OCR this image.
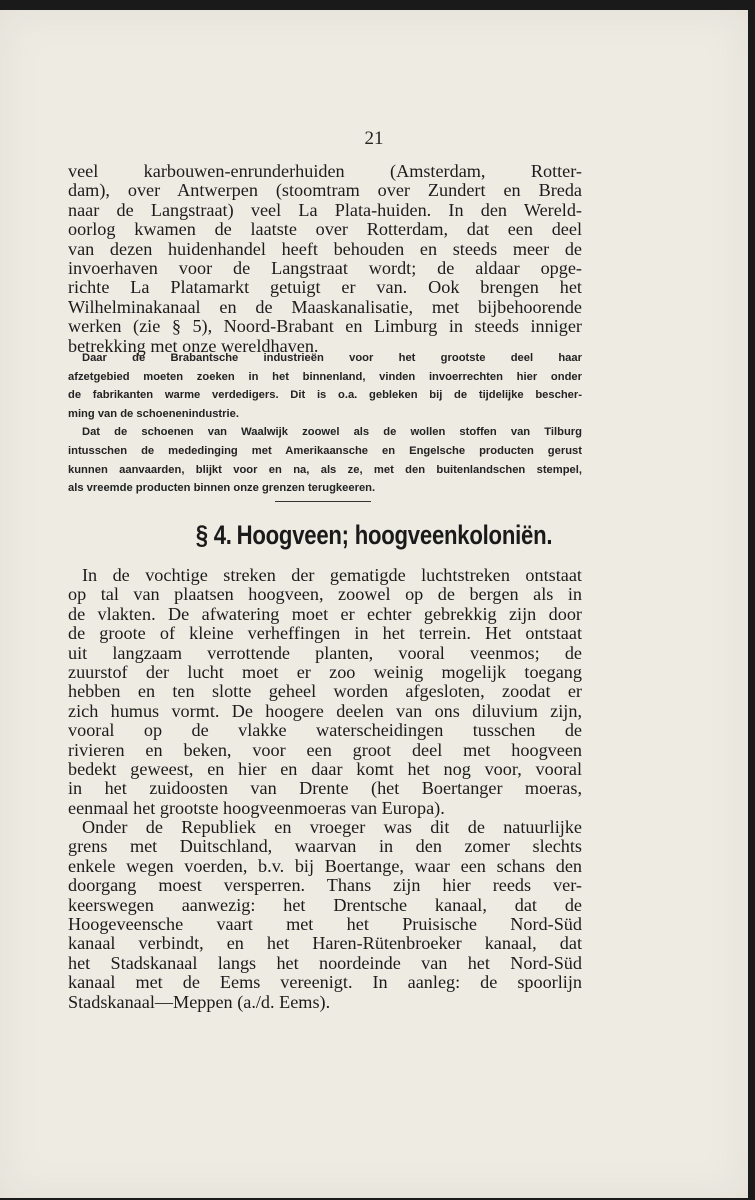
21
veel karbouwen-enrunderhuiden (Amsterdam, Rotter-
dam), over Antwerpen (stoomtram over Zundert en Breda
naar de Langstraat) veel La Plata-huiden. In den Wereld-
oorlog kwamen de laatste over Rotterdam, dat een deel
van dezen huidenhandel heeft behouden en steeds meer de
invoerhaven voor de Langstraat wordt; de aldaar opge-
richte La Platamarkt getuigt er van. Ook brengen het
Wilhelminakanaal en de Maaskanalisatie, met bijbehoorende
werken (zie § 5), Noord-Brabant en Limburg in steeds inniger
betrekking met onze wereldhaven.
Daar de Brabantsche industrieën voor het grootste deel haar
afzetgebied moeten zoeken in het binnenland, vinden invoerrechten hier onder
de fabrikanten warme verdedigers. Dit is o.a. gebleken bij de tijdelijke bescher-
ming van de schoenenindustrie.
Dat de schoenen van Waalwijk zoowel als de wollen stoffen van Tilburg
intusschen de mededinging met Amerikaansche en Engelsche producten gerust
kunnen aanvaarden, blijkt voor en na, als ze, met den buitenlandschen stempel,
als vreemde producten binnen onze grenzen terugkeeren.
§ 4. Hoogveen; hoogveenkoloniën.
In de vochtige streken der gematigde luchtstreken ontstaat
op tal van plaatsen hoogveen, zoowel op de bergen als in
de vlakten. De afwatering moet er echter gebrekkig zijn door
de groote of kleine verheffingen in het terrein. Het ontstaat
uit langzaam verrottende planten, vooral veenmos; de
zuurstof der lucht moet er zoo weinig mogelijk toegang
hebben en ten slotte geheel worden afgesloten, zoodat er
zich humus vormt. De hoogere deelen van ons diluvium zijn,
vooral op de vlakke waterscheidingen tusschen de
rivieren en beken, voor een groot deel met hoogveen
bedekt geweest, en hier en daar komt het nog voor, vooral
in het zuidoosten van Drente (het Boertanger moeras,
eenmaal het grootste hoogveenmoeras van Europa).
Onder de Republiek en vroeger was dit de natuurlijke
grens met Duitschland, waarvan in den zomer slechts
enkele wegen voerden, b.v. bij Boertange, waar een schans den
doorgang moest versperren. Thans zijn hier reeds ver-
keerswegen aanwezig: het Drentsche kanaal, dat de
Hoogeveensche vaart met het Pruisische Nord-Süd
kanaal verbindt, en het Haren-Rütenbroeker kanaal, dat
het Stadskanaal langs het noordeinde van het Nord-Süd
kanaal met de Eems vereenigt. In aanleg: de spoorlijn
Stadskanaal—Meppen (a./d. Eems).
